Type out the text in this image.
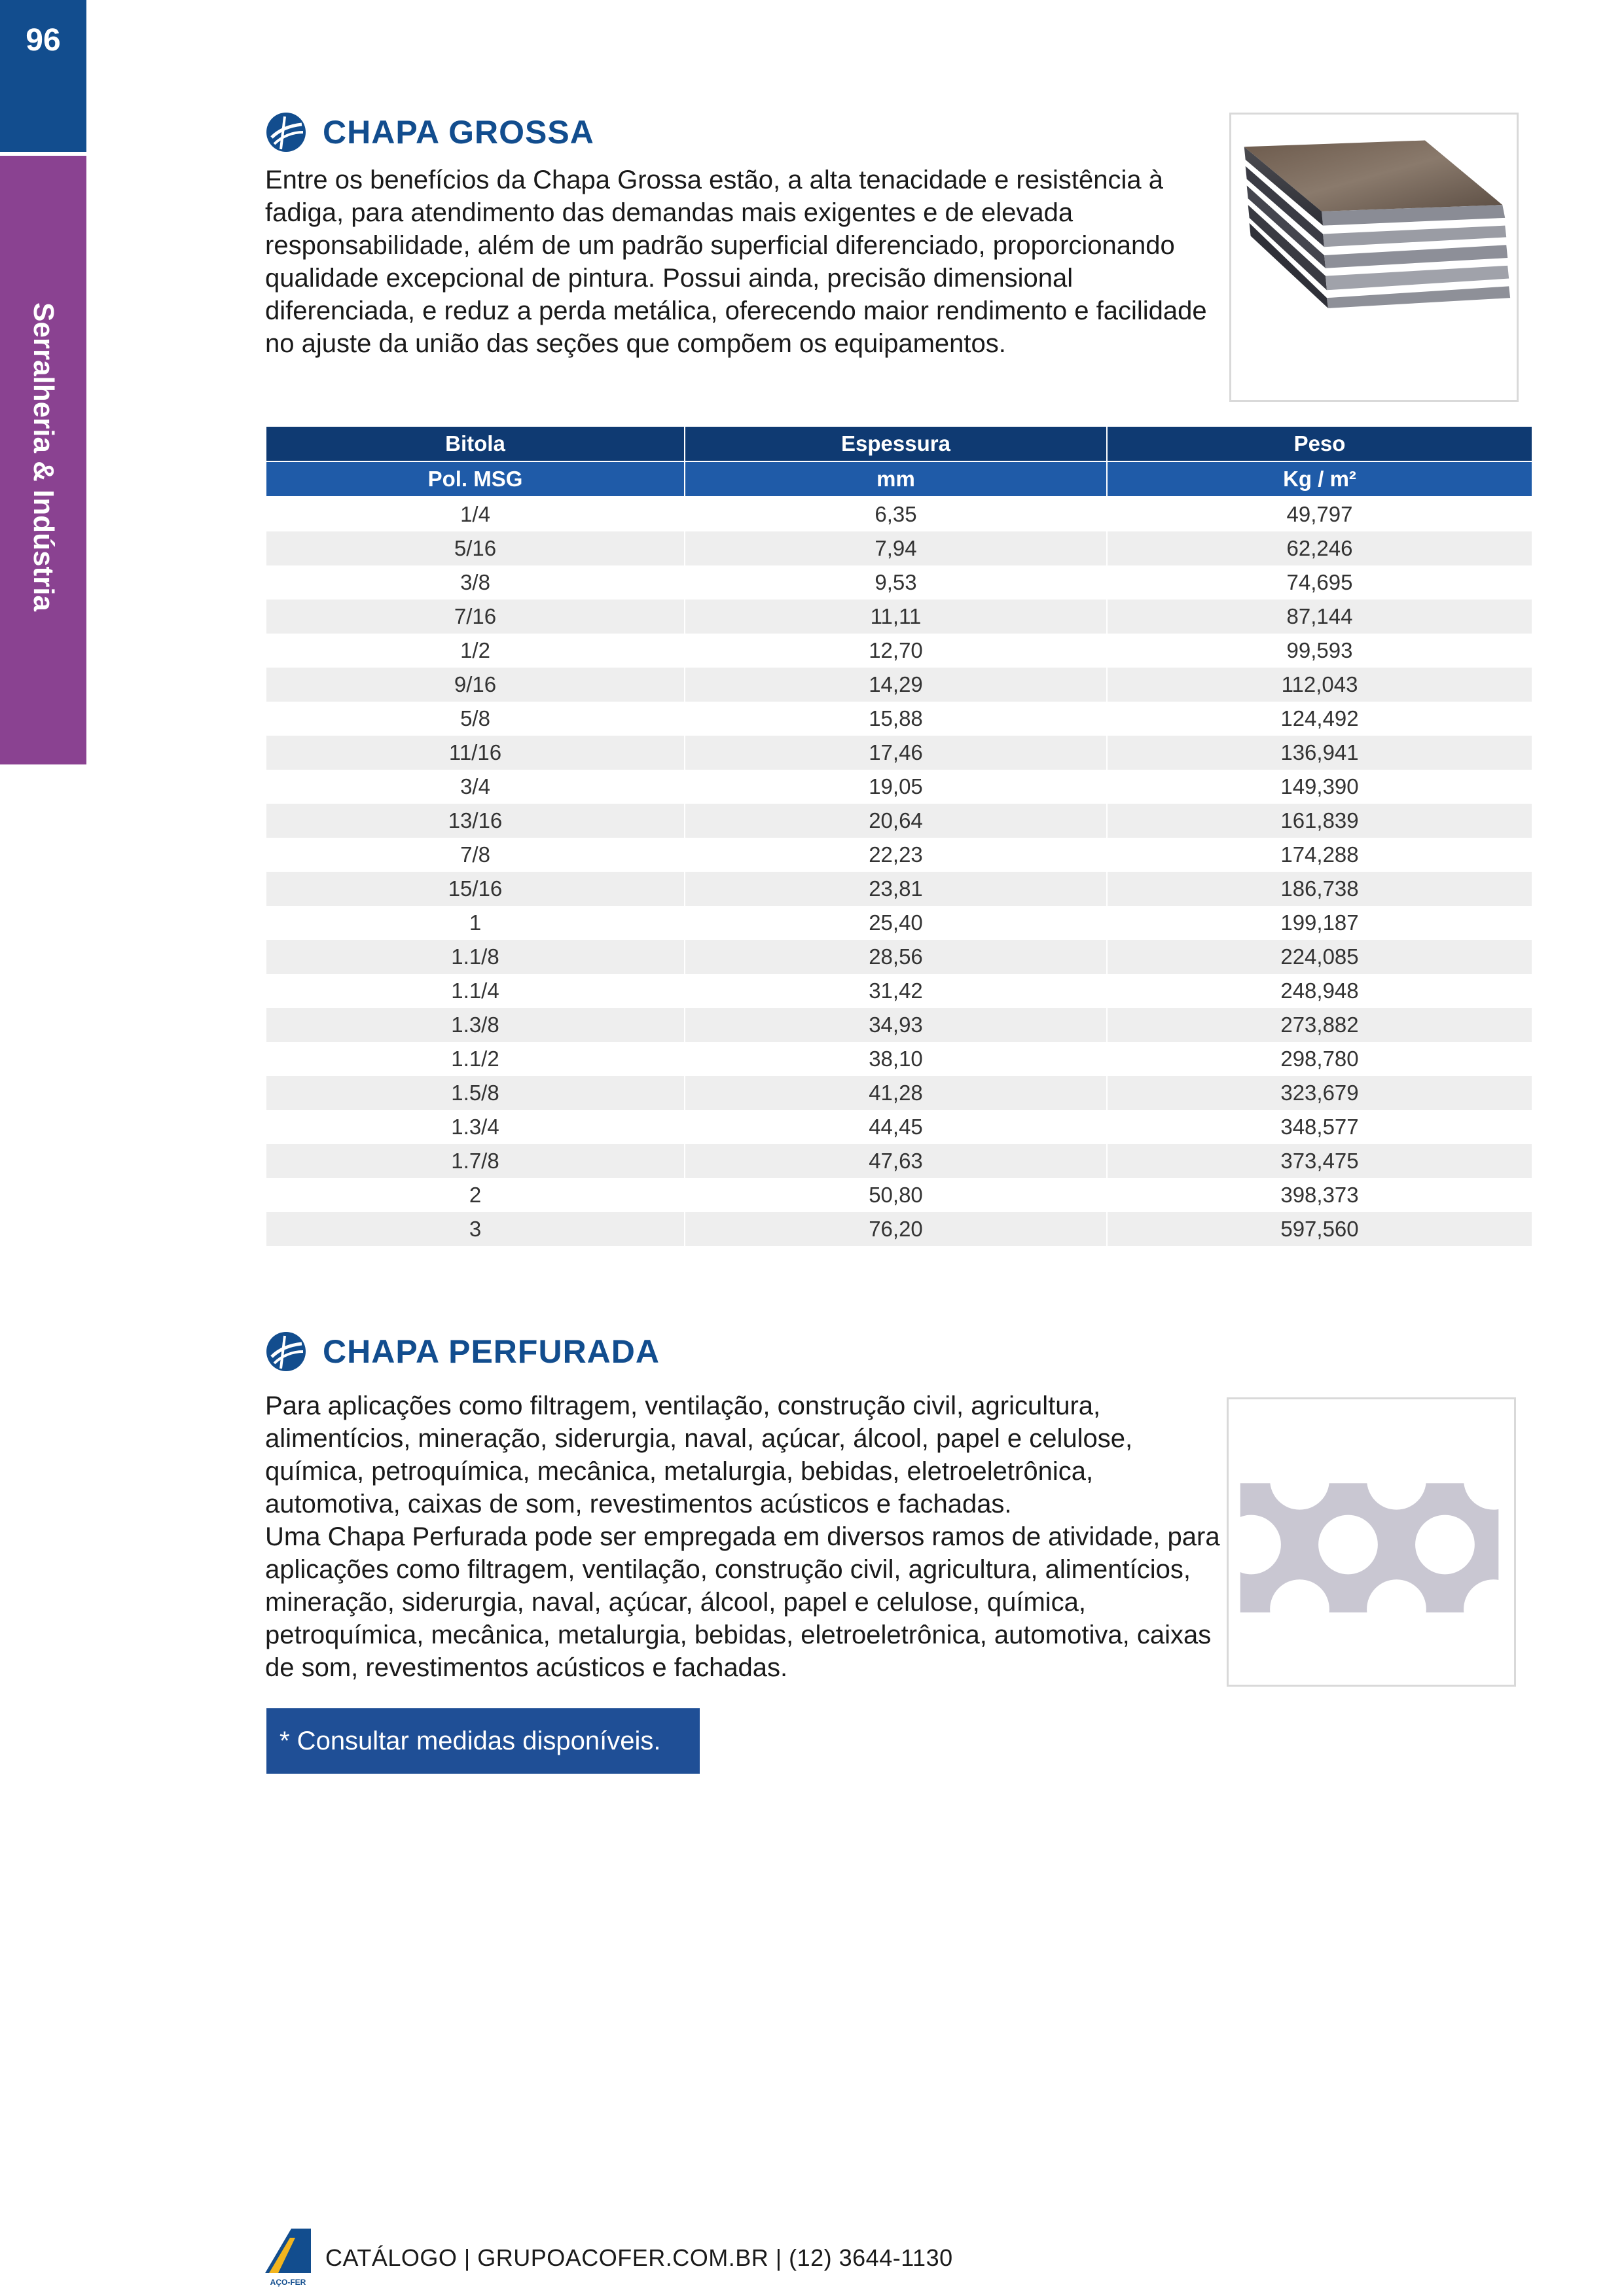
96
Serralheria & Indústria
CHAPA GROSSA

Entre os benefícios da Chapa Grossa estão, a alta tenacidade e resistência à fadiga, para atendimento das demandas mais exigentes e de elevada responsabilidade, além de um padrão superficial diferenciado, proporcionando qualidade excepcional de pintura. Possui ainda, precisão dimensional diferenciada, e reduz a perda metálica, oferecendo maior rendimento e facilidade no ajuste da união das seções que compõem os equipamentos.

Bitola	Espessura	Peso
Pol. MSG	mm	Kg / m²
1/4	6,35	49,797
5/16	7,94	62,246
3/8	9,53	74,695
7/16	11,11	87,144
1/2	12,70	99,593
9/16	14,29	112,043
5/8	15,88	124,492
11/16	17,46	136,941
3/4	19,05	149,390
13/16	20,64	161,839
7/8	22,23	174,288
15/16	23,81	186,738
1	25,40	199,187
1.1/8	28,56	224,085
1.1/4	31,42	248,948
1.3/8	34,93	273,882
1.1/2	38,10	298,780
1.5/8	41,28	323,679
1.3/4	44,45	348,577
1.7/8	47,63	373,475
2	50,80	398,373
3	76,20	597,560
CHAPA PERFURADA

Para aplicações como filtragem, ventilação, construção civil, agricultura, alimentícios, mineração, siderurgia, naval, açúcar, álcool, papel e celulose, química, petroquímica, mecânica, metalurgia, bebidas, eletroeletrônica, automotiva, caixas de som, revestimentos acústicos e fachadas.

Uma Chapa Perfurada pode ser empregada em diversos ramos de atividade, para aplicações como filtragem, ventilação, construção civil, agricultura, alimentícios, mineração, siderurgia, naval, açúcar, álcool, papel e celulose, química, petroquímica, mecânica, metalurgia, bebidas, eletroeletrônica, automotiva, caixas de som, revestimentos acústicos e fachadas.

* Consultar medidas disponíveis.
AÇO-FER
CATÁLOGO | GRUPOACOFER.COM.BR | (12) 3644-1130
